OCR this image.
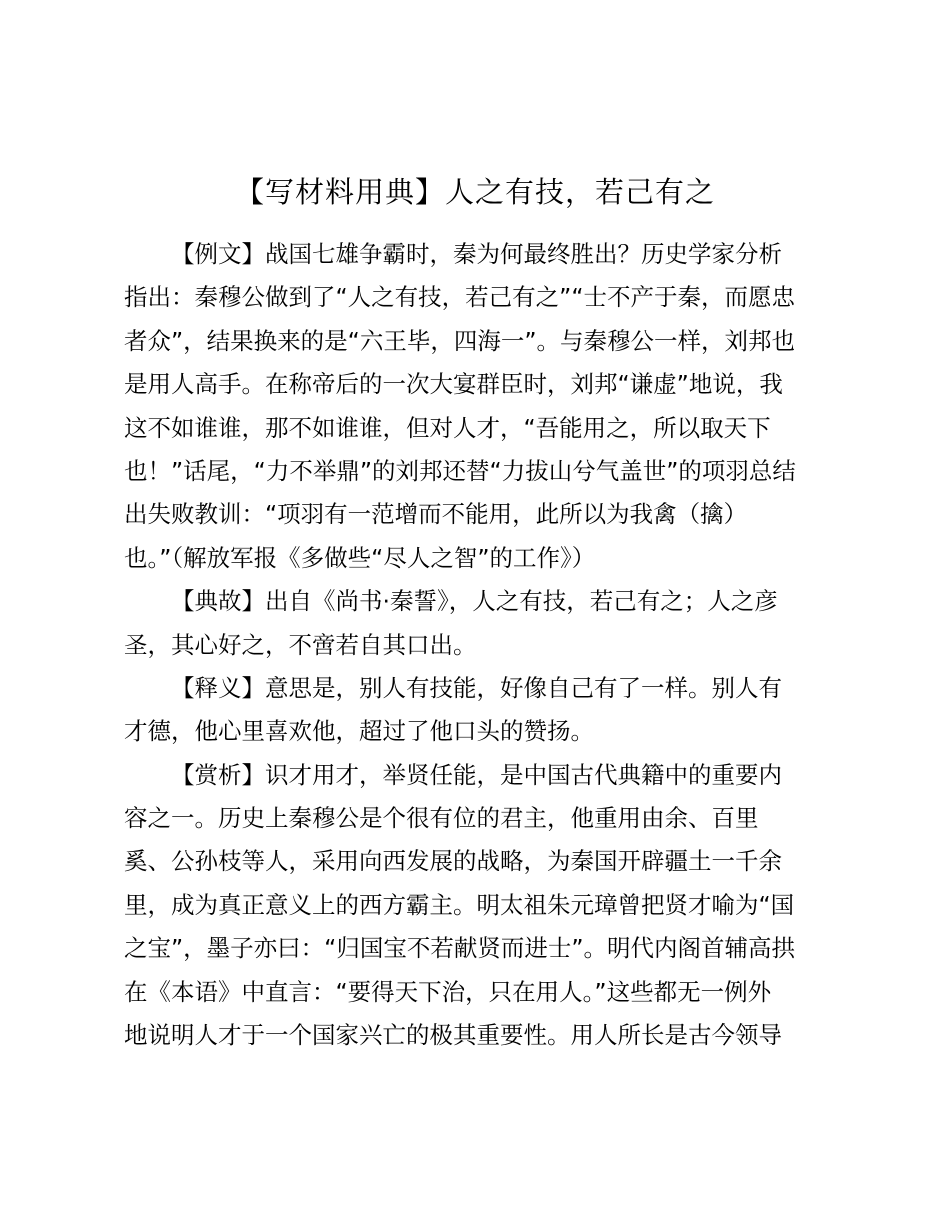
【写材料用典】人之有技，若己有之
【例文】战国七雄争霸时，秦为何最终胜出？历史学家分析
指出：秦穆公做到了“人之有技，若己有之”“士不产于秦，而愿忠
者众”，结果换来的是“六王毕，四海一”。与秦穆公一样，刘邦也
是用人高手。在称帝后的一次大宴群臣时，刘邦“谦虚”地说，我
这不如谁谁，那不如谁谁，但对人才，“吾能用之，所以取天下
也！”话尾，“力不举鼎”的刘邦还替“力拔山兮气盖世”的项羽总结
出失败教训：“项羽有一范增而不能用，此所以为我禽（擒）
也。”（解放军报《多做些“尽人之智”的工作》）
【典故】出自《尚书·秦誓》，人之有技，若己有之；人之彦
圣，其心好之，不啻若自其口出。
【释义】意思是，别人有技能，好像自己有了一样。别人有
才德，他心里喜欢他，超过了他口头的赞扬。
【赏析】识才用才，举贤任能，是中国古代典籍中的重要内
容之一。历史上秦穆公是个很有位的君主，他重用由余、百里
奚、公孙枝等人，采用向西发展的战略，为秦国开辟疆土一千余
里，成为真正意义上的西方霸主。明太祖朱元璋曾把贤才喻为“国
之宝”，墨子亦曰：“归国宝不若献贤而进士”。明代内阁首辅高拱
在《本语》中直言：“要得天下治，只在用人。”这些都无一例外
地说明人才于一个国家兴亡的极其重要性。用人所长是古今领导
